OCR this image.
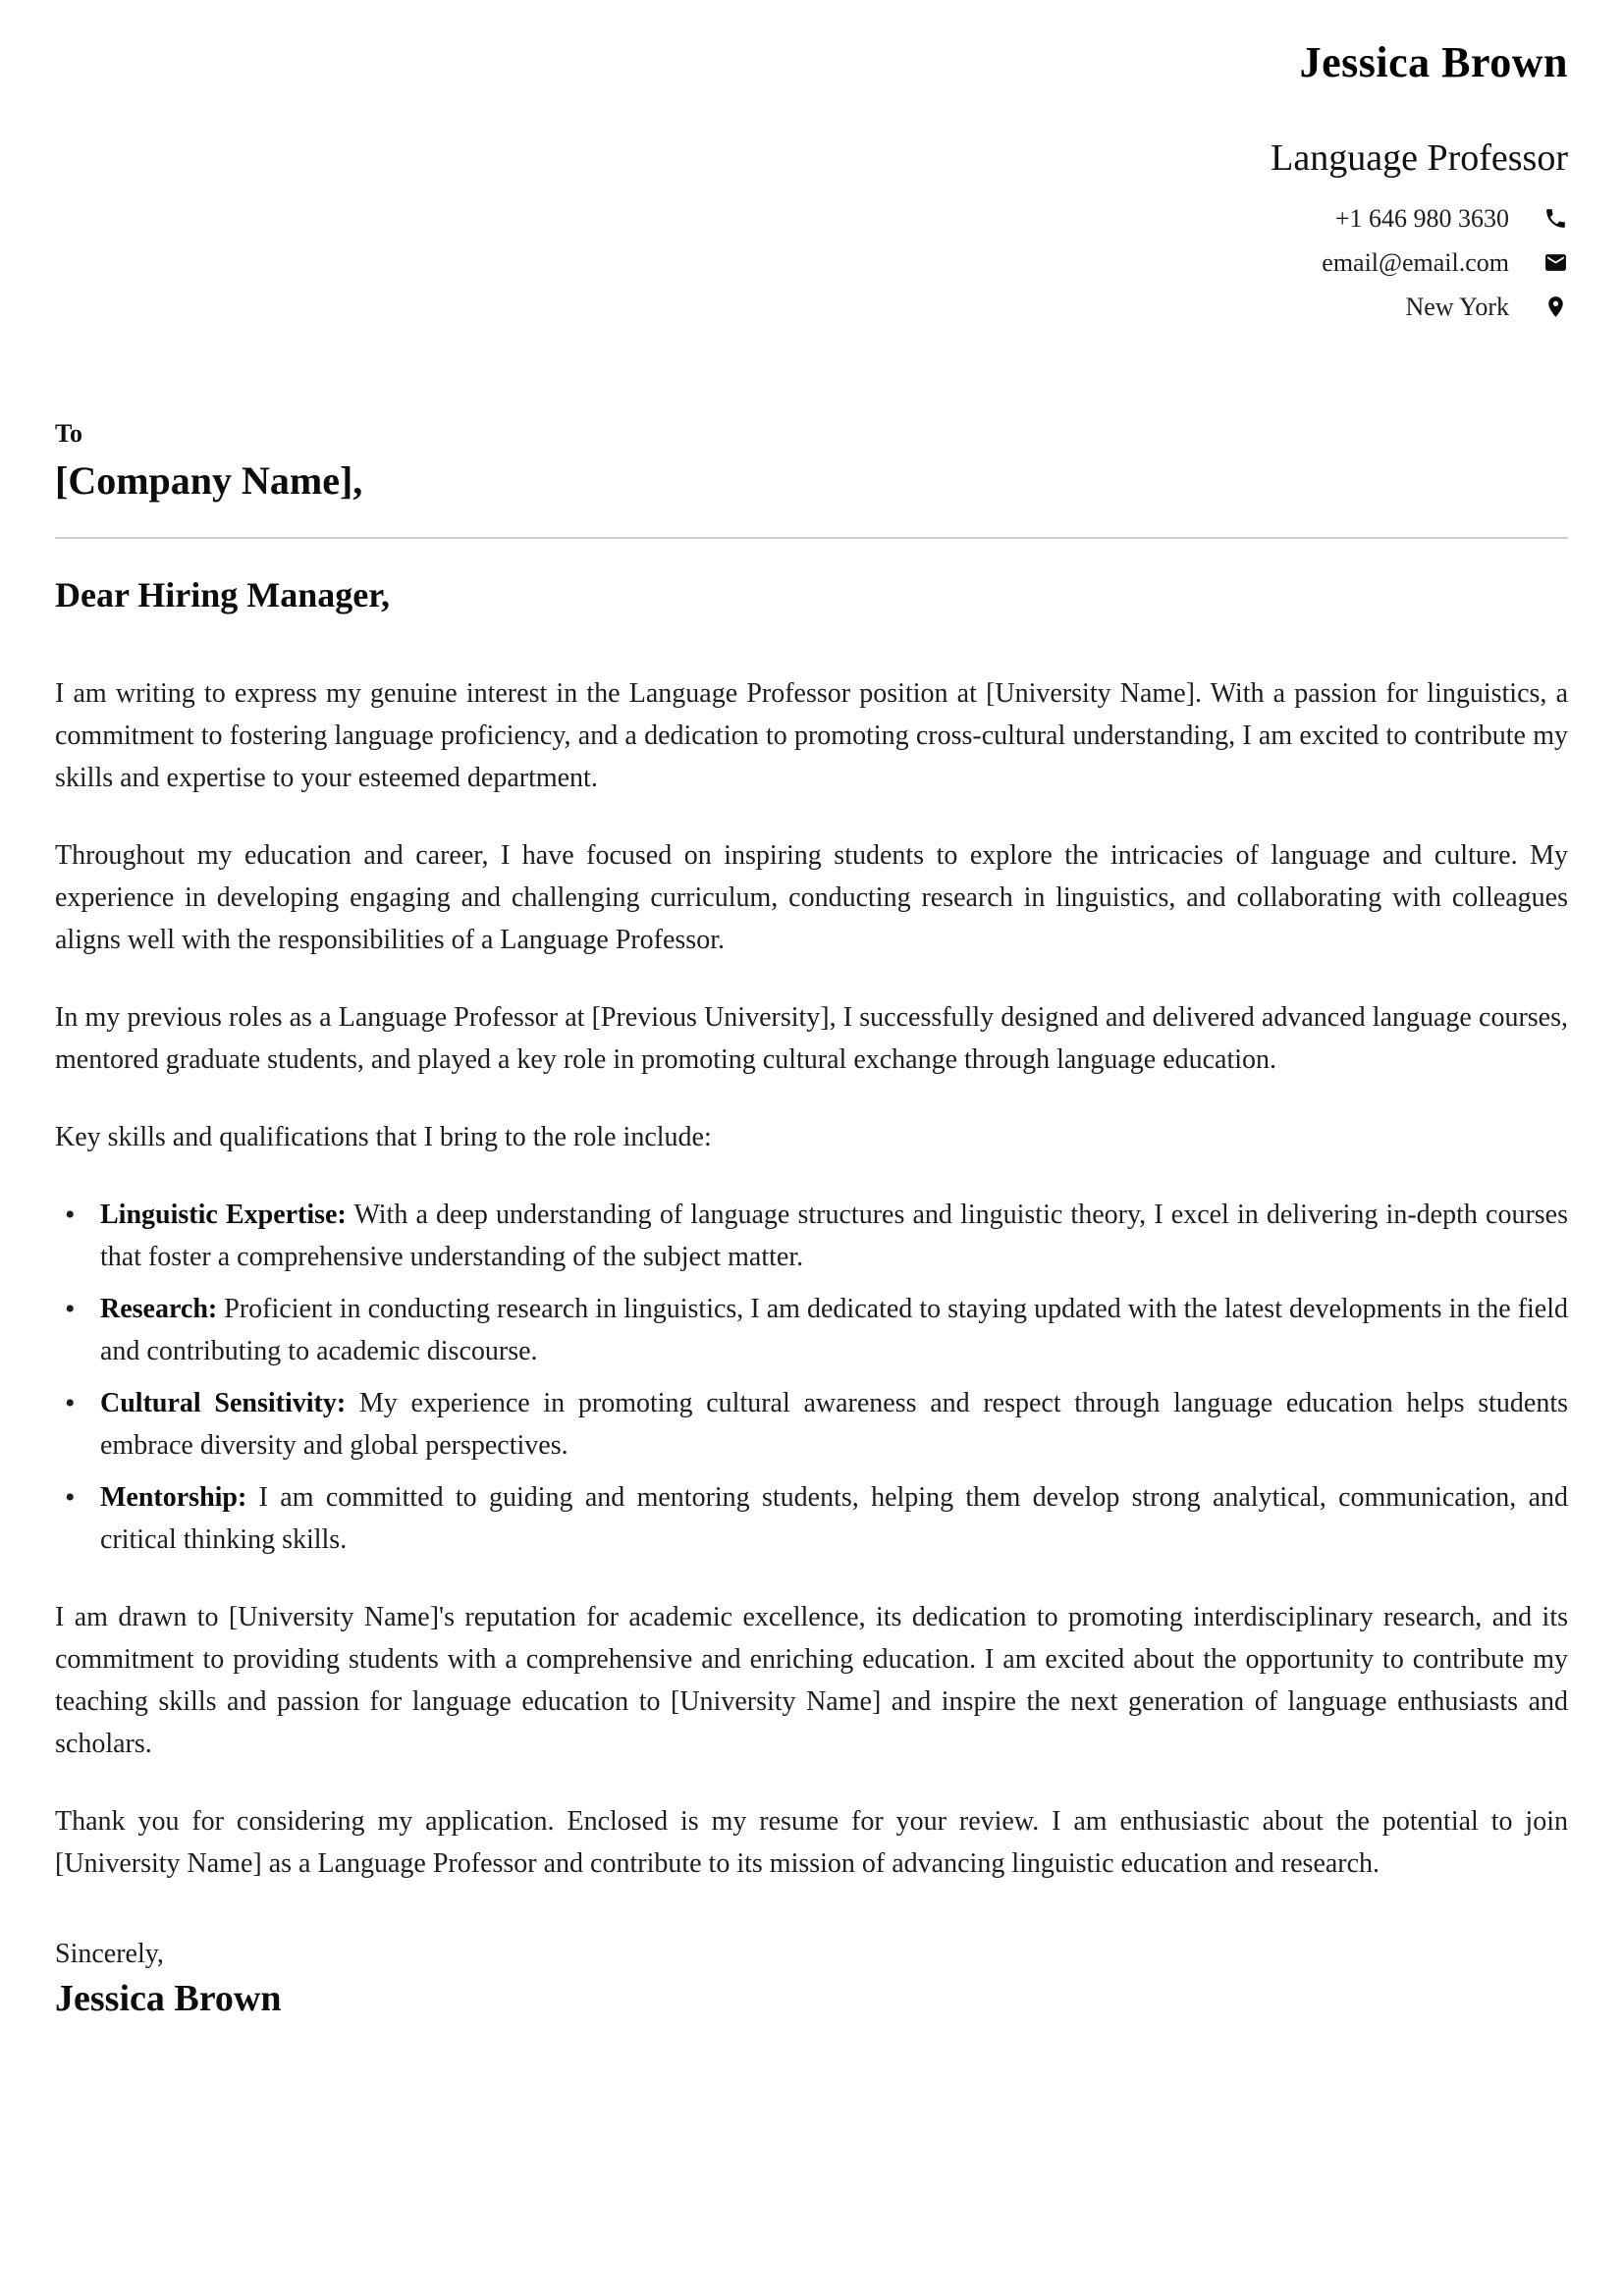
Jessica Brown
Language Professor
+1 646 980 3630
email@email.com
New York

To

[Company Name],

Dear Hiring Manager,

I am writing to express my genuine interest in the Language Professor position at [University Name]. With a passion for linguistics, a commitment to fostering language proficiency, and a dedication to promoting cross-cultural understanding, I am excited to contribute my skills and expertise to your esteemed department.

Throughout my education and career, I have focused on inspiring students to explore the intricacies of language and culture. My experience in developing engaging and challenging curriculum, conducting research in linguistics, and collaborating with colleagues aligns well with the responsibilities of a Language Professor.

In my previous roles as a Language Professor at [Previous University], I successfully designed and delivered advanced language courses, mentored graduate students, and played a key role in promoting cultural exchange through language education.

Key skills and qualifications that I bring to the role include:

• Linguistic Expertise: With a deep understanding of language structures and linguistic theory, I excel in delivering in-depth courses that foster a comprehensive understanding of the subject matter.
• Research: Proficient in conducting research in linguistics, I am dedicated to staying updated with the latest developments in the field and contributing to academic discourse.
• Cultural Sensitivity: My experience in promoting cultural awareness and respect through language education helps students embrace diversity and global perspectives.
• Mentorship: I am committed to guiding and mentoring students, helping them develop strong analytical, communication, and critical thinking skills.

I am drawn to [University Name]'s reputation for academic excellence, its dedication to promoting interdisciplinary research, and its commitment to providing students with a comprehensive and enriching education. I am excited about the opportunity to contribute my teaching skills and passion for language education to [University Name] and inspire the next generation of language enthusiasts and scholars.

Thank you for considering my application. Enclosed is my resume for your review. I am enthusiastic about the potential to join [University Name] as a Language Professor and contribute to its mission of advancing linguistic education and research.

Sincerely,

Jessica Brown
